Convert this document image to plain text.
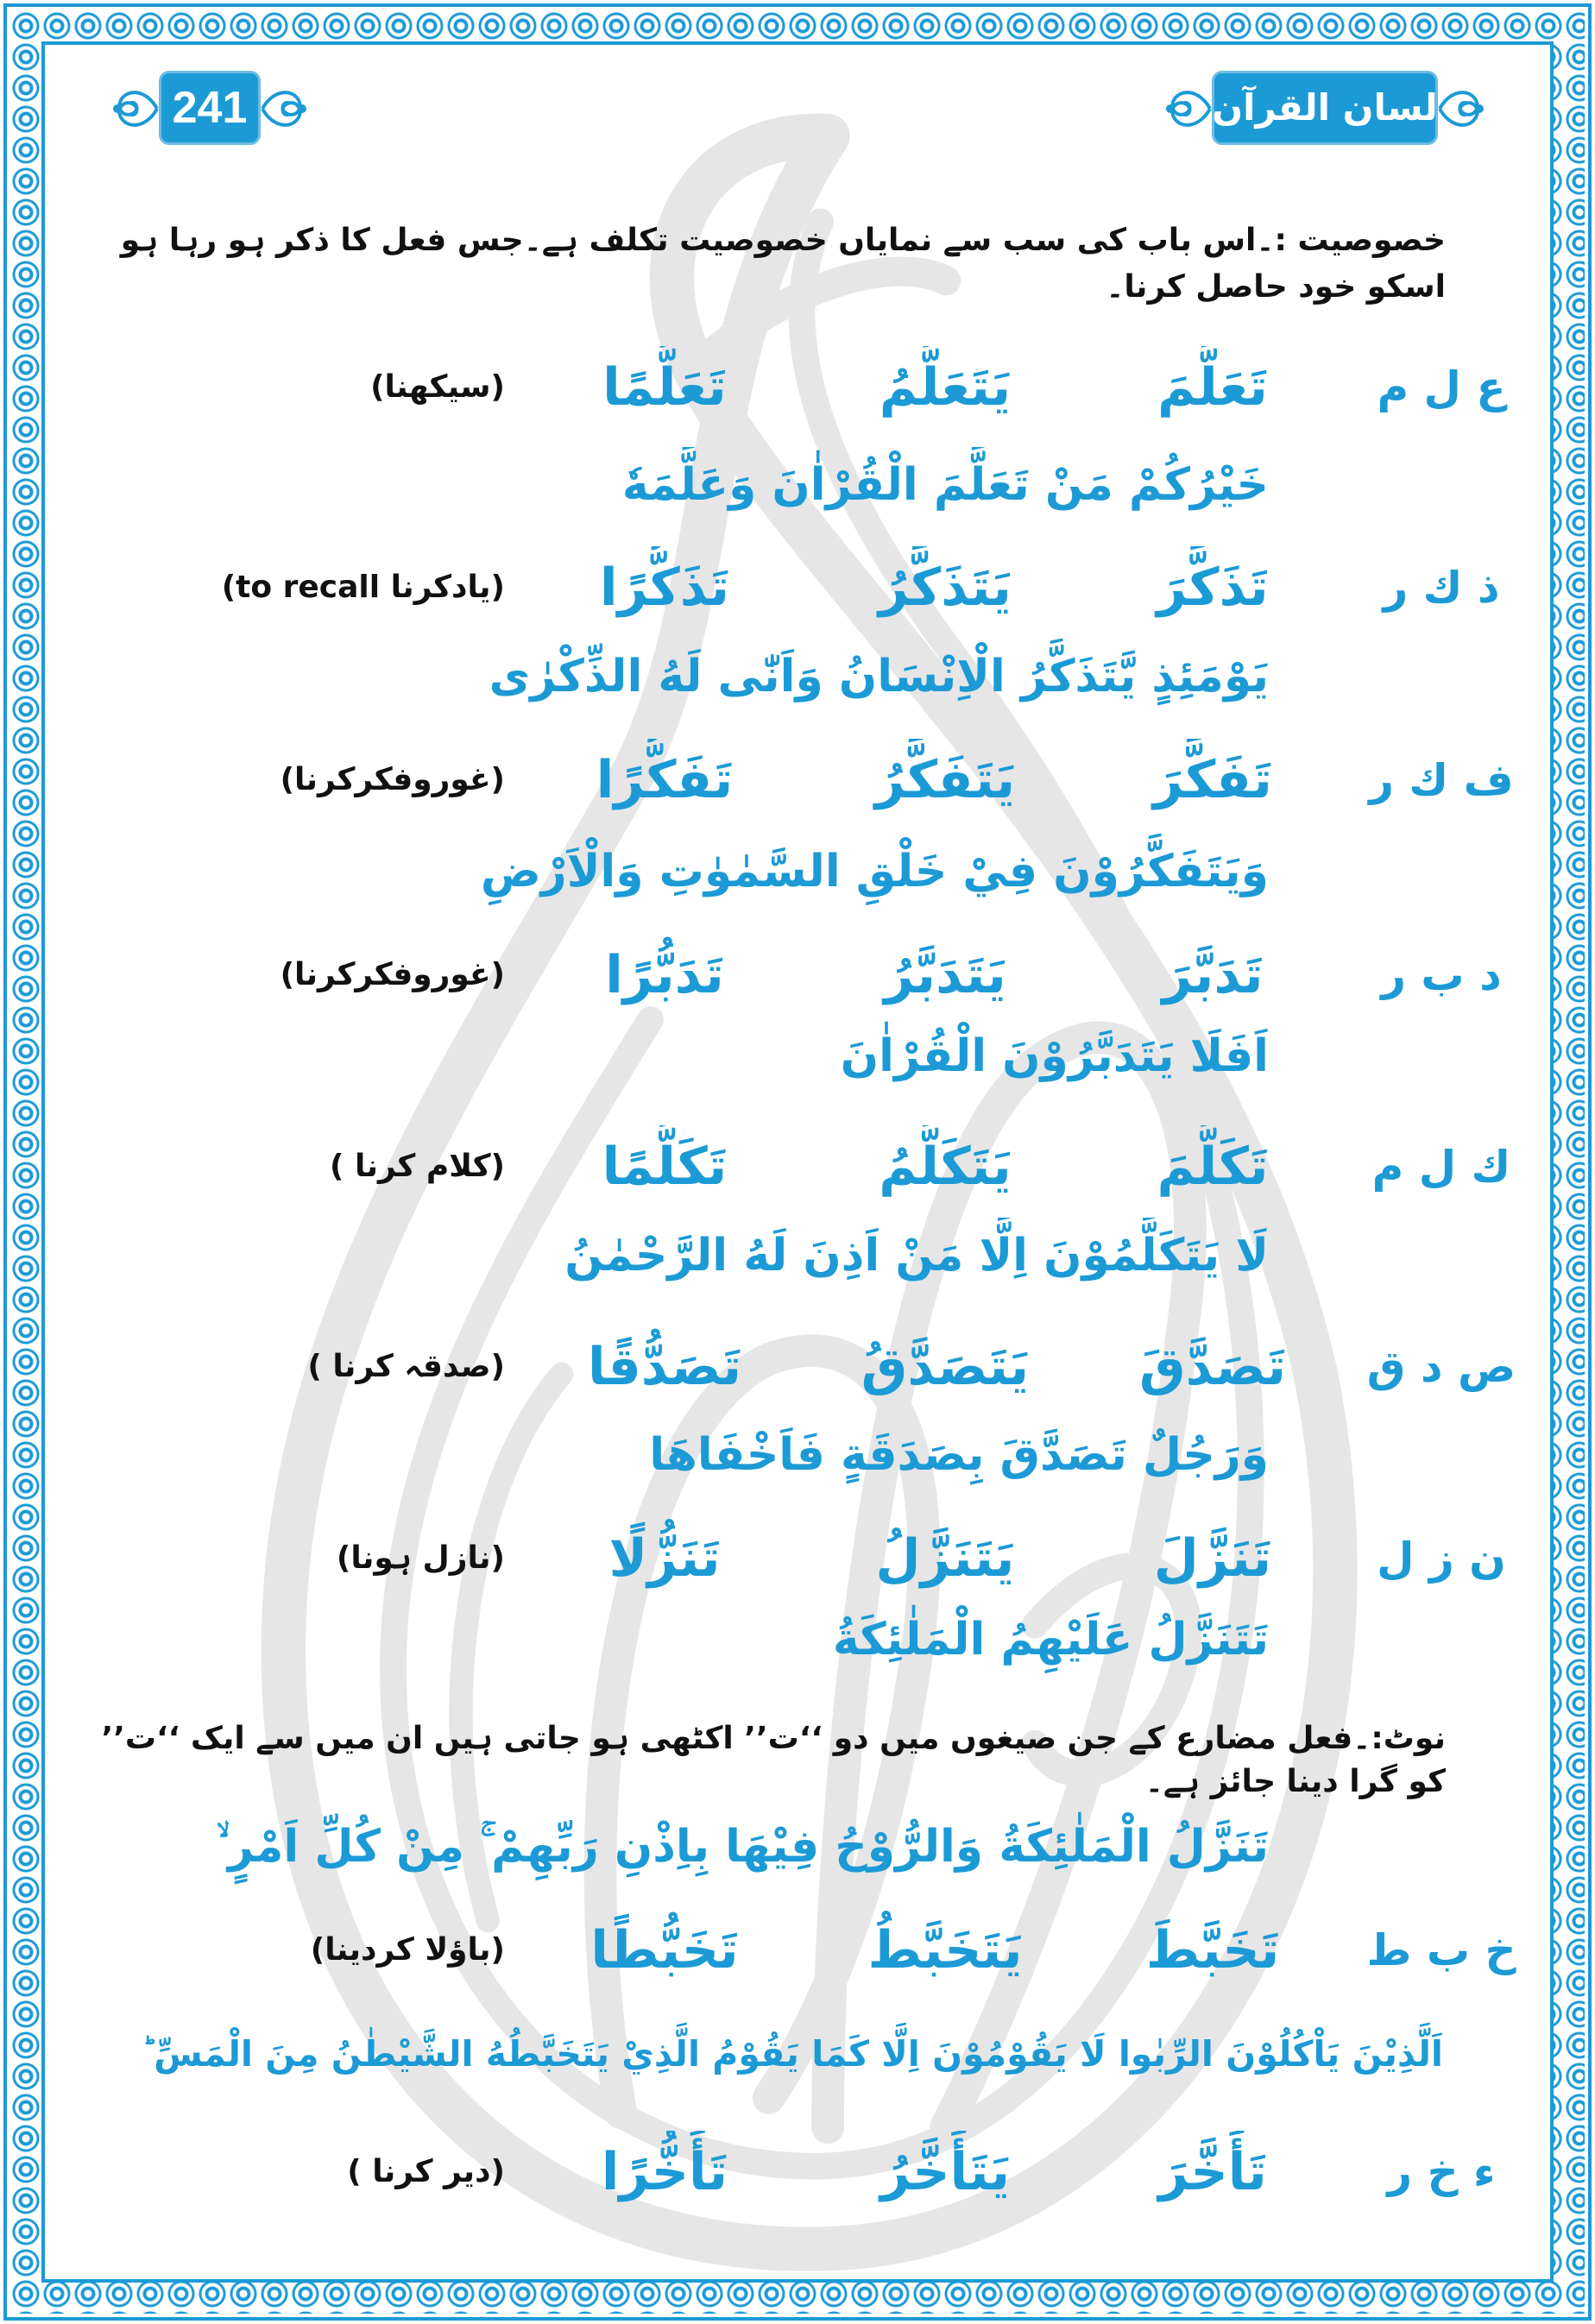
241	لسان القرآن
خصوصیت :۔اس باب کی سب سے نمایاں خصوصیت تکلف ہے۔جس فعل کا ذکر ہو رہا ہو اسکو خود حاصل کرنا۔
ع ل م
تَعَلَّمَ
يَتَعَلَّمُ
تَعَلُّمًا
(سیکھنا)
خَيْرُكُمْ مَنْ تَعَلَّمَ الْقُرْاٰنَ وَعَلَّمَهٗ
ذ ك ر
تَذَكَّرَ
يَتَذَكَّرُ
تَذَكُّرًا
(یادکرنا to recall)
يَوْمَئِذٍ يَّتَذَكَّرُ الْاِنْسَانُ وَاَنّٰى لَهُ الذِّكْرٰى
ف ك ر
تَفَكَّرَ
يَتَفَكَّرُ
تَفَكُّرًا
(غوروفکرکرنا)
وَيَتَفَكَّرُوْنَ فِيْ خَلْقِ السَّمٰوٰتِ وَالْاَرْضِ
د ب ر
تَدَبَّرَ
يَتَدَبَّرُ
تَدَبُّرًا
(غوروفکرکرنا)
اَفَلَا يَتَدَبَّرُوْنَ الْقُرْاٰنَ
ك ل م
تَكَلَّمَ
يَتَكَلَّمُ
تَكَلُّمًا
(کلام کرنا )
لَا يَتَكَلَّمُوْنَ اِلَّا مَنْ اَذِنَ لَهُ الرَّحْمٰنُ
ص د ق
تَصَدَّقَ
يَتَصَدَّقُ
تَصَدُّقًا
(صدقہ کرنا )
وَرَجُلٌ تَصَدَّقَ بِصَدَقَةٍ فَاَخْفَاهَا
ن ز ل
تَنَزَّلَ
يَتَنَزَّلُ
تَنَزُّلًا
(نازل ہونا)
تَتَنَزَّلُ عَلَيْهِمُ الْمَلٰئِكَةُ
نوٹ:۔فعل مضارع کے جن صیغوں میں دو ‘‘ت’’ اکٹھی ہو جاتی ہیں ان میں سے ایک ‘‘ت’’ کو گرا دینا جائز ہے۔
تَنَزَّلُ الْمَلٰئِكَةُ وَالرُّوْحُ فِيْهَا بِاِذْنِ رَبِّهِمْ ۚ مِنْ كُلِّ اَمْرٍ ۙ
خ ب ط
تَخَبَّطَ
يَتَخَبَّطُ
تَخَبُّطًا
(باؤلا کردینا)
اَلَّذِيْنَ يَاْكُلُوْنَ الرِّبٰوا لَا يَقُوْمُوْنَ اِلَّا كَمَا يَقُوْمُ الَّذِيْ يَتَخَبَّطُهُ الشَّيْطٰنُ مِنَ الْمَسِّ ؕ
ء خ ر
تَأَخَّرَ
يَتَأَخَّرُ
تَأَخُّرًا
(دیر کرنا )
